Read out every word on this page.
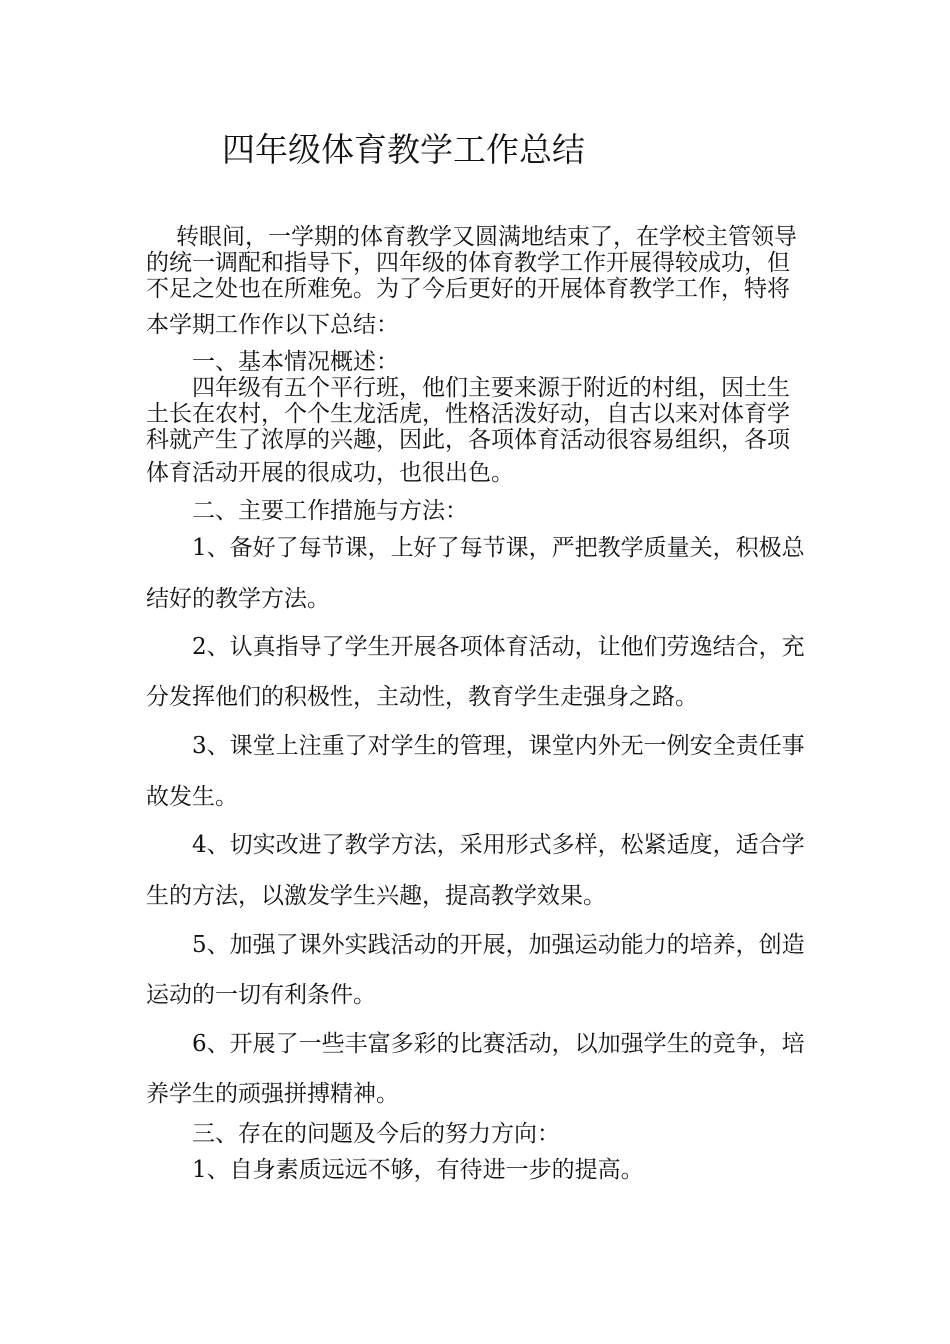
四年级体育教学工作总结
转眼间，一学期的体育教学又圆满地结束了，在学校主管领导
的统一调配和指导下，四年级的体育教学工作开展得较成功，但
不足之处也在所难免。为了今后更好的开展体育教学工作，特将
本学期工作作以下总结：
一、基本情况概述：
四年级有五个平行班，他们主要来源于附近的村组，因土生
土长在农村，个个生龙活虎，性格活泼好动，自古以来对体育学
科就产生了浓厚的兴趣，因此，各项体育活动很容易组织，各项
体育活动开展的很成功，也很出色。
二、主要工作措施与方法：
1、备好了每节课，上好了每节课，严把教学质量关，积极总
结好的教学方法。
2、认真指导了学生开展各项体育活动，让他们劳逸结合，充
分发挥他们的积极性，主动性，教育学生走强身之路。
3、课堂上注重了对学生的管理，课堂内外无一例安全责任事
故发生。
4、切实改进了教学方法，采用形式多样，松紧适度，适合学
生的方法，以激发学生兴趣，提高教学效果。
5、加强了课外实践活动的开展，加强运动能力的培养，创造
运动的一切有利条件。
6、开展了一些丰富多彩的比赛活动，以加强学生的竞争，培
养学生的顽强拼搏精神。
三、存在的问题及今后的努力方向：
1、自身素质远远不够，有待进一步的提高。
